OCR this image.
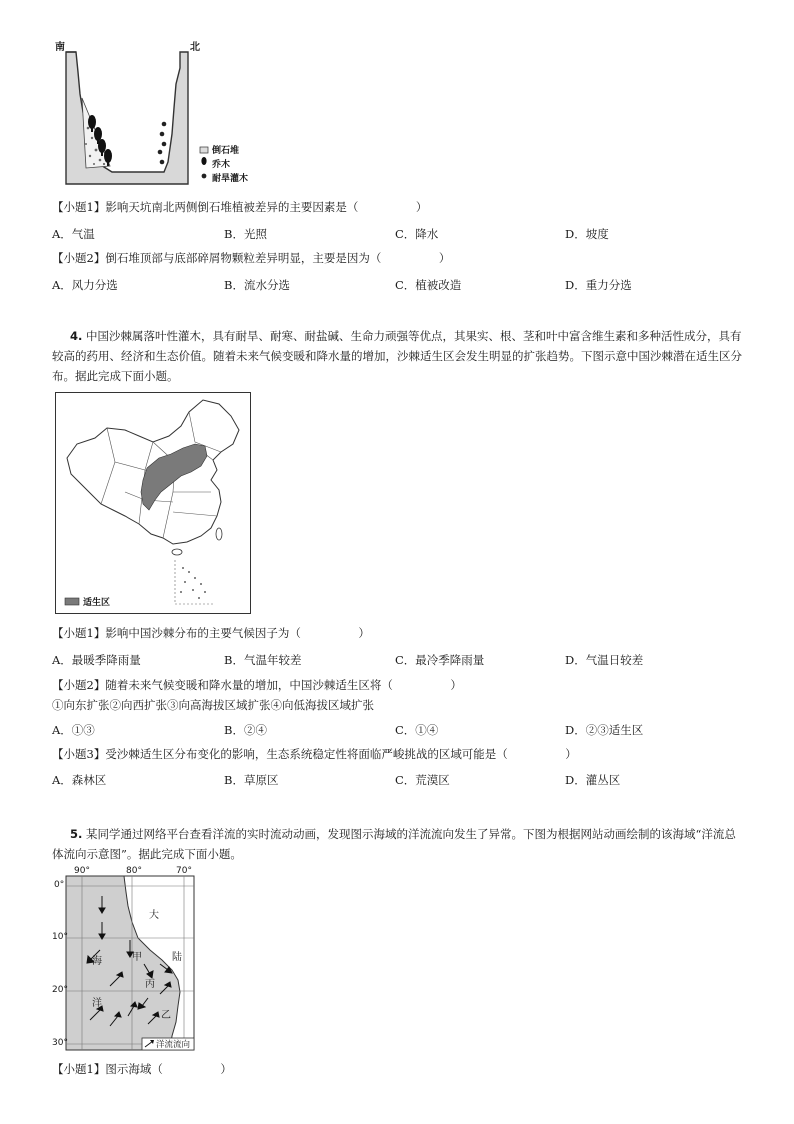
南	北
倒石堆
乔木
耐旱灌木
【小题1】影响天坑南北两侧倒石堆植被差异的主要因素是（　　　　　）
A．气温	B．光照	C．降水	D．坡度
【小题2】倒石堆顶部与底部碎屑物颗粒差异明显，主要是因为（　　　　　）
A．风力分选	B．流水分选	C．植被改造	D．重力分选
4. 中国沙棘属落叶性灌木，具有耐旱、耐寒、耐盐碱、生命力顽强等优点，其果实、根、茎和叶中富含维生素和多种活性成分，具有较高的药用、经济和生态价值。随着未来气候变暖和降水量的增加，沙棘适生区会发生明显的扩张趋势。下图示意中国沙棘潜在适生区分布。据此完成下面小题。
适生区
【小题1】影响中国沙棘分布的主要气候因子为（　　　　　）
A．最暖季降雨量	B．气温年较差	C．最冷季降雨量	D．气温日较差
【小题2】随着未来气候变暖和降水量的增加，中国沙棘适生区将（　　　　　）
①向东扩张②向西扩张③向高海拔区域扩张④向低海拔区域扩张
A．①③	B．②④	C．①④	D．②③适生区
【小题3】受沙棘适生区分布变化的影响，生态系统稳定性将面临严峻挑战的区域可能是（　　　　　）
A．森林区	B．草原区	C．荒漠区	D．灌丛区
5. 某同学通过网络平台查看洋流的实时流动动画，发现图示海域的洋流流向发生了异常。下图为根据网站动画绘制的该海域“洋流总体流向示意图”。据此完成下面小题。
90°	80°	70°
0°
10°
20°
30°
大
陆
海
洋
甲
丙
乙
洋流流向
【小题1】图示海域（　　　　　）
